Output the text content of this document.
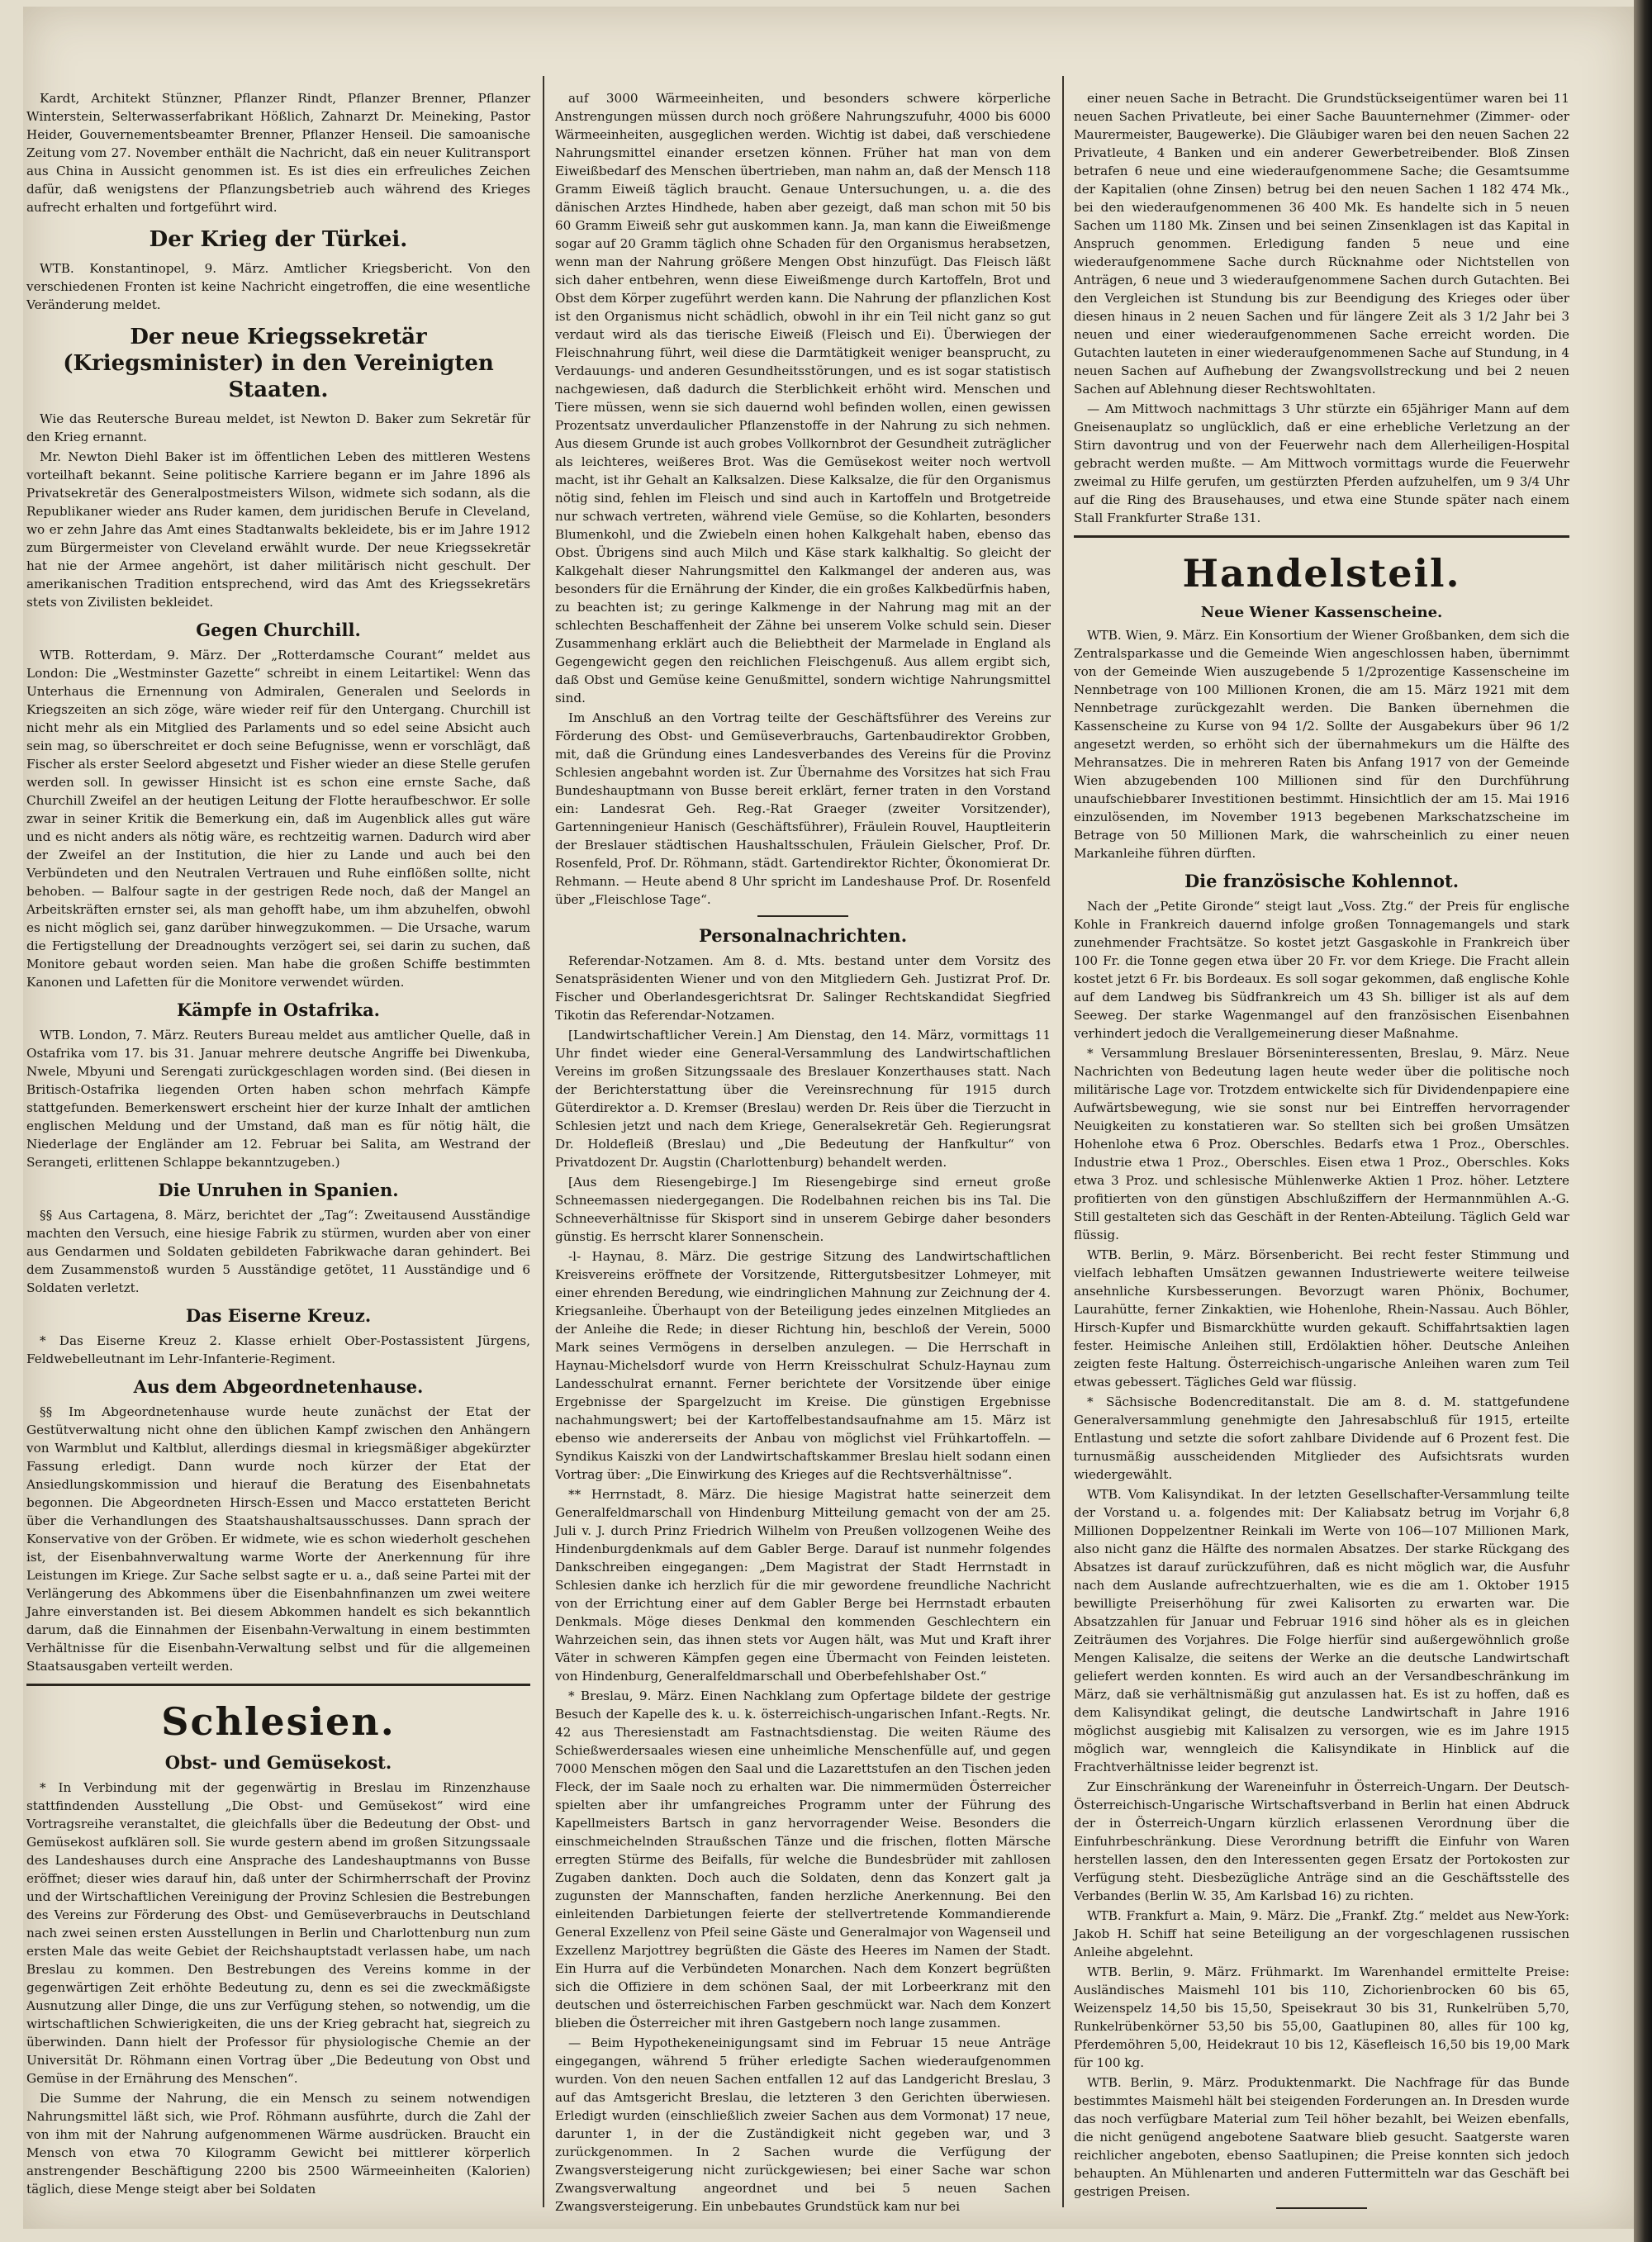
Kardt, Architekt Stünzner, Pflanzer Rindt, Pflanzer Brenner, Pflanzer Winterstein, Selterwasserfabrikant Hößlich, Zahnarzt Dr. Meineking, Pastor Heider, Gouvernementsbeamter Brenner, Pflanzer Henseil. Die samoanische Zeitung vom 27. November enthält die Nachricht, daß ein neuer Kulitransport aus China in Aussicht genommen ist. Es ist dies ein erfreuliches Zeichen dafür, daß wenigstens der Pflanzungsbetrieb auch während des Krieges aufrecht erhalten und fortgeführt wird.

Der Krieg der Türkei.

WTB. Konstantinopel, 9. März. Amtlicher Kriegsbericht. Von den verschiedenen Fronten ist keine Nachricht eingetroffen, die eine wesentliche Veränderung meldet.

Der neue Kriegssekretär (Kriegsminister) in den Vereinigten Staaten.

Wie das Reutersche Bureau meldet, ist Newton D. Baker zum Sekretär für den Krieg ernannt.

Mr. Newton Diehl Baker ist im öffentlichen Leben des mittleren Westens vorteilhaft bekannt. Seine politische Karriere begann er im Jahre 1896 als Privatsekretär des Generalpostmeisters Wilson, widmete sich sodann, als die Republikaner wieder ans Ruder kamen, dem juridischen Berufe in Cleveland, wo er zehn Jahre das Amt eines Stadtanwalts bekleidete, bis er im Jahre 1912 zum Bürgermeister von Cleveland erwählt wurde. Der neue Kriegssekretär hat nie der Armee angehört, ist daher militärisch nicht geschult. Der amerikanischen Tradition entsprechend, wird das Amt des Kriegssekretärs stets von Zivilisten bekleidet.

Gegen Churchill.

WTB. Rotterdam, 9. März. Der „Rotterdamsche Courant“ meldet aus London: Die „Westminster Gazette“ schreibt in einem Leitartikel: Wenn das Unterhaus die Ernennung von Admiralen, Generalen und Seelords in Kriegszeiten an sich zöge, wäre wieder reif für den Untergang. Churchill ist nicht mehr als ein Mitglied des Parlaments und so edel seine Absicht auch sein mag, so überschreitet er doch seine Befugnisse, wenn er vorschlägt, daß Fischer als erster Seelord abgesetzt und Fisher wieder an diese Stelle gerufen werden soll. In gewisser Hinsicht ist es schon eine ernste Sache, daß Churchill Zweifel an der heutigen Leitung der Flotte heraufbeschwor. Er solle zwar in seiner Kritik die Bemerkung ein, daß im Augenblick alles gut wäre und es nicht anders als nötig wäre, es rechtzeitig warnen. Dadurch wird aber der Zweifel an der Institution, die hier zu Lande und auch bei den Verbündeten und den Neutralen Vertrauen und Ruhe einflößen sollte, nicht behoben. — Balfour sagte in der gestrigen Rede noch, daß der Mangel an Arbeitskräften ernster sei, als man gehofft habe, um ihm abzuhelfen, obwohl es nicht möglich sei, ganz darüber hinwegzukommen. — Die Ursache, warum die Fertigstellung der Dreadnoughts verzögert sei, sei darin zu suchen, daß Monitore gebaut worden seien. Man habe die großen Schiffe bestimmten Kanonen und Lafetten für die Monitore verwendet würden.

Kämpfe in Ostafrika.

WTB. London, 7. März. Reuters Bureau meldet aus amtlicher Quelle, daß in Ostafrika vom 17. bis 31. Januar mehrere deutsche Angriffe bei Diwenkuba, Nwele, Mbyuni und Serengati zurückgeschlagen worden sind. (Bei diesen in Britisch-Ostafrika liegenden Orten haben schon mehrfach Kämpfe stattgefunden. Bemerkenswert erscheint hier der kurze Inhalt der amtlichen englischen Meldung und der Umstand, daß man es für nötig hält, die Niederlage der Engländer am 12. Februar bei Salita, am Westrand der Serangeti, erlittenen Schlappe bekanntzugeben.)

Die Unruhen in Spanien.

§§ Aus Cartagena, 8. März, berichtet der „Tag“: Zweitausend Ausständige machten den Versuch, eine hiesige Fabrik zu stürmen, wurden aber von einer aus Gendarmen und Soldaten gebildeten Fabrikwache daran gehindert. Bei dem Zusammenstoß wurden 5 Ausständige getötet, 11 Ausständige und 6 Soldaten verletzt.

Das Eiserne Kreuz.

* Das Eiserne Kreuz 2. Klasse erhielt Ober-Postassistent Jürgens, Feldwebelleutnant im Lehr-Infanterie-Regiment.

Aus dem Abgeordnetenhause.

§§ Im Abgeordnetenhause wurde heute zunächst der Etat der Gestütverwaltung nicht ohne den üblichen Kampf zwischen den Anhängern von Warmblut und Kaltblut, allerdings diesmal in kriegsmäßiger abgekürzter Fassung erledigt. Dann wurde noch kürzer der Etat der Ansiedlungskommission und hierauf die Beratung des Eisenbahnetats begonnen. Die Abgeordneten Hirsch-Essen und Macco erstatteten Bericht über die Verhandlungen des Staatshaushaltsausschusses. Dann sprach der Konservative von der Gröben. Er widmete, wie es schon wiederholt geschehen ist, der Eisenbahnverwaltung warme Worte der Anerkennung für ihre Leistungen im Kriege. Zur Sache selbst sagte er u. a., daß seine Partei mit der Verlängerung des Abkommens über die Eisenbahnfinanzen um zwei weitere Jahre einverstanden ist. Bei diesem Abkommen handelt es sich bekanntlich darum, daß die Einnahmen der Eisenbahn-Verwaltung in einem bestimmten Verhältnisse für die Eisenbahn-Verwaltung selbst und für die allgemeinen Staatsausgaben verteilt werden.

Schlesien.
Obst- und Gemüsekost.

* In Verbindung mit der gegenwärtig in Breslau im Rinzenzhause stattfindenden Ausstellung „Die Obst- und Gemüsekost“ wird eine Vortragsreihe veranstaltet, die gleichfalls über die Bedeutung der Obst- und Gemüsekost aufklären soll. Sie wurde gestern abend im großen Sitzungssaale des Landeshauses durch eine Ansprache des Landeshauptmanns von Busse eröffnet; dieser wies darauf hin, daß unter der Schirmherrschaft der Provinz und der Wirtschaftlichen Vereinigung der Provinz Schlesien die Bestrebungen des Vereins zur Förderung des Obst- und Gemüseverbrauchs in Deutschland nach zwei seinen ersten Ausstellungen in Berlin und Charlottenburg nun zum ersten Male das weite Gebiet der Reichshauptstadt verlassen habe, um nach Breslau zu kommen. Den Bestrebungen des Vereins komme in der gegenwärtigen Zeit erhöhte Bedeutung zu, denn es sei die zweckmäßigste Ausnutzung aller Dinge, die uns zur Verfügung stehen, so notwendig, um die wirtschaftlichen Schwierigkeiten, die uns der Krieg gebracht hat, siegreich zu überwinden. Dann hielt der Professor für physiologische Chemie an der Universität Dr. Röhmann einen Vortrag über „Die Bedeutung von Obst und Gemüse in der Ernährung des Menschen“.

Die Summe der Nahrung, die ein Mensch zu seinem notwendigen Nahrungsmittel läßt sich, wie Prof. Röhmann ausführte, durch die Zahl der von ihm mit der Nahrung aufgenommenen Wärme ausdrücken. Braucht ein Mensch von etwa 70 Kilogramm Gewicht bei mittlerer körperlich anstrengender Beschäftigung 2200 bis 2500 Wärmeeinheiten (Kalorien) täglich, diese Menge steigt aber bei Soldaten

auf 3000 Wärmeeinheiten, und besonders schwere körperliche Anstrengungen müssen durch noch größere Nahrungszufuhr, 4000 bis 6000 Wärmeeinheiten, ausgeglichen werden. Wichtig ist dabei, daß verschiedene Nahrungsmittel einander ersetzen können. Früher hat man von dem Eiweißbedarf des Menschen übertrieben, man nahm an, daß der Mensch 118 Gramm Eiweiß täglich braucht. Genaue Untersuchungen, u. a. die des dänischen Arztes Hindhede, haben aber gezeigt, daß man schon mit 50 bis 60 Gramm Eiweiß sehr gut auskommen kann. Ja, man kann die Eiweißmenge sogar auf 20 Gramm täglich ohne Schaden für den Organismus herabsetzen, wenn man der Nahrung größere Mengen Obst hinzufügt. Das Fleisch läßt sich daher entbehren, wenn diese Eiweißmenge durch Kartoffeln, Brot und Obst dem Körper zugeführt werden kann. Die Nahrung der pflanzlichen Kost ist den Organismus nicht schädlich, obwohl in ihr ein Teil nicht ganz so gut verdaut wird als das tierische Eiweiß (Fleisch und Ei). Überwiegen der Fleischnahrung führt, weil diese die Darmtätigkeit weniger beansprucht, zu Verdauungs- und anderen Gesundheitsstörungen, und es ist sogar statistisch nachgewiesen, daß dadurch die Sterblichkeit erhöht wird. Menschen und Tiere müssen, wenn sie sich dauernd wohl befinden wollen, einen gewissen Prozentsatz unverdaulicher Pflanzenstoffe in der Nahrung zu sich nehmen. Aus diesem Grunde ist auch grobes Vollkornbrot der Gesundheit zuträglicher als leichteres, weißeres Brot. Was die Gemüsekost weiter noch wertvoll macht, ist ihr Gehalt an Kalksalzen. Diese Kalksalze, die für den Organismus nötig sind, fehlen im Fleisch und sind auch in Kartoffeln und Brotgetreide nur schwach vertreten, während viele Gemüse, so die Kohlarten, besonders Blumenkohl, und die Zwiebeln einen hohen Kalkgehalt haben, ebenso das Obst. Übrigens sind auch Milch und Käse stark kalkhaltig. So gleicht der Kalkgehalt dieser Nahrungsmittel den Kalkmangel der anderen aus, was besonders für die Ernährung der Kinder, die ein großes Kalkbedürfnis haben, zu beachten ist; zu geringe Kalkmenge in der Nahrung mag mit an der schlechten Beschaffenheit der Zähne bei unserem Volke schuld sein. Dieser Zusammenhang erklärt auch die Beliebtheit der Marmelade in England als Gegengewicht gegen den reichlichen Fleischgenuß. Aus allem ergibt sich, daß Obst und Gemüse keine Genußmittel, sondern wichtige Nahrungsmittel sind.

Im Anschluß an den Vortrag teilte der Geschäftsführer des Vereins zur Förderung des Obst- und Gemüseverbrauchs, Gartenbaudirektor Grobben, mit, daß die Gründung eines Landesverbandes des Vereins für die Provinz Schlesien angebahnt worden ist. Zur Übernahme des Vorsitzes hat sich Frau Bundeshauptmann von Busse bereit erklärt, ferner traten in den Vorstand ein: Landesrat Geh. Reg.-Rat Graeger (zweiter Vorsitzender), Gartenningenieur Hanisch (Geschäftsführer), Fräulein Rouvel, Hauptleiterin der Breslauer städtischen Haushaltsschulen, Fräulein Gielscher, Prof. Dr. Rosenfeld, Prof. Dr. Röhmann, städt. Gartendirektor Richter, Ökonomierat Dr. Rehmann. — Heute abend 8 Uhr spricht im Landeshause Prof. Dr. Rosenfeld über „Fleischlose Tage“.

Personalnachrichten.

Referendar-Notzamen. Am 8. d. Mts. bestand unter dem Vorsitz des Senatspräsidenten Wiener und von den Mitgliedern Geh. Justizrat Prof. Dr. Fischer und Oberlandesgerichtsrat Dr. Salinger Rechtskandidat Siegfried Tikotin das Referendar-Notzamen.

[Landwirtschaftlicher Verein.] Am Dienstag, den 14. März, vormittags 11 Uhr findet wieder eine General-Versammlung des Landwirtschaftlichen Vereins im großen Sitzungssaale des Breslauer Konzerthauses statt. Nach der Berichterstattung über die Vereinsrechnung für 1915 durch Güterdirektor a. D. Kremser (Breslau) werden Dr. Reis über die Tierzucht in Schlesien jetzt und nach dem Kriege, Generalsekretär Geh. Regierungsrat Dr. Holdefleiß (Breslau) und „Die Bedeutung der Hanfkultur“ von Privatdozent Dr. Augstin (Charlottenburg) behandelt werden.

[Aus dem Riesengebirge.] Im Riesengebirge sind erneut große Schneemassen niedergegangen. Die Rodelbahnen reichen bis ins Tal. Die Schneeverhältnisse für Skisport sind in unserem Gebirge daher besonders günstig. Es herrscht klarer Sonnenschein.

-l- Haynau, 8. März. Die gestrige Sitzung des Landwirtschaftlichen Kreisvereins eröffnete der Vorsitzende, Rittergutsbesitzer Lohmeyer, mit einer ehrenden Beredung, wie eindringlichen Mahnung zur Zeichnung der 4. Kriegsanleihe. Überhaupt von der Beteiligung jedes einzelnen Mitgliedes an der Anleihe die Rede; in dieser Richtung hin, beschloß der Verein, 5000 Mark seines Vermögens in derselben anzulegen. — Die Herrschaft in Haynau-Michelsdorf wurde von Herrn Kreisschulrat Schulz-Haynau zum Landesschulrat ernannt. Ferner berichtete der Vorsitzende über einige Ergebnisse der Spargelzucht im Kreise. Die günstigen Ergebnisse nachahmungswert; bei der Kartoffelbestandsaufnahme am 15. März ist ebenso wie andererseits der Anbau von möglichst viel Frühkartoffeln. — Syndikus Kaiszki von der Landwirtschaftskammer Breslau hielt sodann einen Vortrag über: „Die Einwirkung des Krieges auf die Rechtsverhältnisse“.

** Herrnstadt, 8. März. Die hiesige Magistrat hatte seinerzeit dem Generalfeldmarschall von Hindenburg Mitteilung gemacht von der am 25. Juli v. J. durch Prinz Friedrich Wilhelm von Preußen vollzogenen Weihe des Hindenburgdenkmals auf dem Gabler Berge. Darauf ist nunmehr folgendes Dankschreiben eingegangen: „Dem Magistrat der Stadt Herrnstadt in Schlesien danke ich herzlich für die mir gewordene freundliche Nachricht von der Errichtung einer auf dem Gabler Berge bei Herrnstadt erbauten Denkmals. Möge dieses Denkmal den kommenden Geschlechtern ein Wahrzeichen sein, das ihnen stets vor Augen hält, was Mut und Kraft ihrer Väter in schweren Kämpfen gegen eine Übermacht von Feinden leisteten. von Hindenburg, Generalfeldmarschall und Oberbefehlshaber Ost.“

* Breslau, 9. März. Einen Nachklang zum Opfertage bildete der gestrige Besuch der Kapelle des k. u. k. österreichisch-ungarischen Infant.-Regts. Nr. 42 aus Theresienstadt am Fastnachtsdienstag. Die weiten Räume des Schießwerdersaales wiesen eine unheimliche Menschenfülle auf, und gegen 7000 Menschen mögen den Saal und die Lazarettstufen an den Tischen jeden Fleck, der im Saale noch zu erhalten war. Die nimmermüden Österreicher spielten aber ihr umfangreiches Programm unter der Führung des Kapellmeisters Bartsch in ganz hervorragender Weise. Besonders die einschmeichelnden Straußschen Tänze und die frischen, flotten Märsche erregten Stürme des Beifalls, für welche die Bundesbrüder mit zahllosen Zugaben dankten. Doch auch die Soldaten, denn das Konzert galt ja zugunsten der Mannschaften, fanden herzliche Anerkennung. Bei den einleitenden Darbietungen feierte der stellvertretende Kommandierende General Exzellenz von Pfeil seine Gäste und Generalmajor von Wagenseil und Exzellenz Marjottrey begrüßten die Gäste des Heeres im Namen der Stadt. Ein Hurra auf die Verbündeten Monarchen. Nach dem Konzert begrüßten sich die Offiziere in dem schönen Saal, der mit Lorbeerkranz mit den deutschen und österreichischen Farben geschmückt war. Nach dem Konzert blieben die Österreicher mit ihren Gastgebern noch lange zusammen.

— Beim Hypothekeneinigungsamt sind im Februar 15 neue Anträge eingegangen, während 5 früher erledigte Sachen wiederaufgenommen wurden. Von den neuen Sachen entfallen 12 auf das Landgericht Breslau, 3 auf das Amtsgericht Breslau, die letzteren 3 den Gerichten überwiesen. Erledigt wurden (einschließlich zweier Sachen aus dem Vormonat) 17 neue, darunter 1, in der die Zuständigkeit nicht gegeben war, und 3 zurückgenommen. In 2 Sachen wurde die Verfügung der Zwangsversteigerung nicht zurückgewiesen; bei einer Sache war schon Zwangsverwaltung angeordnet und bei 5 neuen Sachen Zwangsversteigerung. Ein unbebautes Grundstück kam nur bei

einer neuen Sache in Betracht. Die Grundstückseigentümer waren bei 11 neuen Sachen Privatleute, bei einer Sache Bauunternehmer (Zimmer- oder Maurermeister, Baugewerke). Die Gläubiger waren bei den neuen Sachen 22 Privatleute, 4 Banken und ein anderer Gewerbetreibender. Bloß Zinsen betrafen 6 neue und eine wiederaufgenommene Sache; die Gesamtsumme der Kapitalien (ohne Zinsen) betrug bei den neuen Sachen 1 182 474 Mk., bei den wiederaufgenommenen 36 400 Mk. Es handelte sich in 5 neuen Sachen um 1180 Mk. Zinsen und bei seinen Zinsenklagen ist das Kapital in Anspruch genommen. Erledigung fanden 5 neue und eine wiederaufgenommene Sache durch Rücknahme oder Nichtstellen von Anträgen, 6 neue und 3 wiederaufgenommene Sachen durch Gutachten. Bei den Vergleichen ist Stundung bis zur Beendigung des Krieges oder über diesen hinaus in 2 neuen Sachen und für längere Zeit als 3 1/2 Jahr bei 3 neuen und einer wiederaufgenommenen Sache erreicht worden. Die Gutachten lauteten in einer wiederaufgenommenen Sache auf Stundung, in 4 neuen Sachen auf Aufhebung der Zwangsvollstreckung und bei 2 neuen Sachen auf Ablehnung dieser Rechtswohltaten.

— Am Mittwoch nachmittags 3 Uhr stürzte ein 65jähriger Mann auf dem Gneisenauplatz so unglücklich, daß er eine erhebliche Verletzung an der Stirn davontrug und von der Feuerwehr nach dem Allerheiligen-Hospital gebracht werden mußte. — Am Mittwoch vormittags wurde die Feuerwehr zweimal zu Hilfe gerufen, um gestürzten Pferden aufzuhelfen, um 9 3/4 Uhr auf die Ring des Brausehauses, und etwa eine Stunde später nach einem Stall Frankfurter Straße 131.

Handelsteil.
Neue Wiener Kassenscheine.

WTB. Wien, 9. März. Ein Konsortium der Wiener Großbanken, dem sich die Zentralsparkasse und die Gemeinde Wien angeschlossen haben, übernimmt von der Gemeinde Wien auszugebende 5 1/2prozentige Kassenscheine im Nennbetrage von 100 Millionen Kronen, die am 15. März 1921 mit dem Nennbetrage zurückgezahlt werden. Die Banken übernehmen die Kassenscheine zu Kurse von 94 1/2. Sollte der Ausgabekurs über 96 1/2 angesetzt werden, so erhöht sich der übernahmekurs um die Hälfte des Mehransatzes. Die in mehreren Raten bis Anfang 1917 von der Gemeinde Wien abzugebenden 100 Millionen sind für den Durchführung unaufschiebbarer Investitionen bestimmt. Hinsichtlich der am 15. Mai 1916 einzulösenden, im November 1913 begebenen Markschatzscheine im Betrage von 50 Millionen Mark, die wahrscheinlich zu einer neuen Markanleihe führen dürften.

Die französische Kohlennot.

Nach der „Petite Gironde“ steigt laut „Voss. Ztg.“ der Preis für englische Kohle in Frankreich dauernd infolge großen Tonnagemangels und stark zunehmender Frachtsätze. So kostet jetzt Gasgaskohle in Frankreich über 100 Fr. die Tonne gegen etwa über 20 Fr. vor dem Kriege. Die Fracht allein kostet jetzt 6 Fr. bis Bordeaux. Es soll sogar gekommen, daß englische Kohle auf dem Landweg bis Südfrankreich um 43 Sh. billiger ist als auf dem Seeweg. Der starke Wagenmangel auf den französischen Eisenbahnen verhindert jedoch die Verallgemeinerung dieser Maßnahme.

* Versammlung Breslauer Börseninteressenten, Breslau, 9. März. Neue Nachrichten von Bedeutung lagen heute weder über die politische noch militärische Lage vor. Trotzdem entwickelte sich für Dividendenpapiere eine Aufwärtsbewegung, wie sie sonst nur bei Eintreffen hervorragender Neuigkeiten zu konstatieren war. So stellten sich bei großen Umsätzen Hohenlohe etwa 6 Proz. Oberschles. Bedarfs etwa 1 Proz., Oberschles. Industrie etwa 1 Proz., Oberschles. Eisen etwa 1 Proz., Oberschles. Koks etwa 3 Proz. und schlesische Mühlenwerke Aktien 1 Proz. höher. Letztere profitierten von den günstigen Abschlußziffern der Hermannmühlen A.-G. Still gestalteten sich das Geschäft in der Renten-Abteilung. Täglich Geld war flüssig.

WTB. Berlin, 9. März. Börsenbericht. Bei recht fester Stimmung und vielfach lebhaften Umsätzen gewannen Industriewerte weitere teilweise ansehnliche Kursbesserungen. Bevorzugt waren Phönix, Bochumer, Laurahütte, ferner Zinkaktien, wie Hohenlohe, Rhein-Nassau. Auch Böhler, Hirsch-Kupfer und Bismarckhütte wurden gekauft. Schiffahrtsaktien lagen fester. Heimische Anleihen still, Erdölaktien höher. Deutsche Anleihen zeigten feste Haltung. Österreichisch-ungarische Anleihen waren zum Teil etwas gebessert. Tägliches Geld war flüssig.

* Sächsische Bodencreditanstalt. Die am 8. d. M. stattgefundene Generalversammlung genehmigte den Jahresabschluß für 1915, erteilte Entlastung und setzte die sofort zahlbare Dividende auf 6 Prozent fest. Die turnusmäßig ausscheidenden Mitglieder des Aufsichtsrats wurden wiedergewählt.

WTB. Vom Kalisyndikat. In der letzten Gesellschafter-Versammlung teilte der Vorstand u. a. folgendes mit: Der Kaliabsatz betrug im Vorjahr 6,8 Millionen Doppelzentner Reinkali im Werte von 106—107 Millionen Mark, also nicht ganz die Hälfte des normalen Absatzes. Der starke Rückgang des Absatzes ist darauf zurückzuführen, daß es nicht möglich war, die Ausfuhr nach dem Auslande aufrechtzuerhalten, wie es die am 1. Oktober 1915 bewilligte Preiserhöhung für zwei Kalisorten zu erwarten war. Die Absatzzahlen für Januar und Februar 1916 sind höher als es in gleichen Zeiträumen des Vorjahres. Die Folge hierfür sind außergewöhnlich große Mengen Kalisalze, die seitens der Werke an die deutsche Landwirtschaft geliefert werden konnten. Es wird auch an der Versandbeschränkung im März, daß sie verhältnismäßig gut anzulassen hat. Es ist zu hoffen, daß es dem Kalisyndikat gelingt, die deutsche Landwirtschaft in Jahre 1916 möglichst ausgiebig mit Kalisalzen zu versorgen, wie es im Jahre 1915 möglich war, wenngleich die Kalisyndikate in Hinblick auf die Frachtverhältnisse leider begrenzt ist.

Zur Einschränkung der Wareneinfuhr in Österreich-Ungarn. Der Deutsch-Österreichisch-Ungarische Wirtschaftsverband in Berlin hat einen Abdruck der in Österreich-Ungarn kürzlich erlassenen Verordnung über die Einfuhrbeschränkung. Diese Verordnung betrifft die Einfuhr von Waren herstellen lassen, den den Interessenten gegen Ersatz der Portokosten zur Verfügung steht. Diesbezügliche Anträge sind an die Geschäftsstelle des Verbandes (Berlin W. 35, Am Karlsbad 16) zu richten.

WTB. Frankfurt a. Main, 9. März. Die „Frankf. Ztg.“ meldet aus New-York: Jakob H. Schiff hat seine Beteiligung an der vorgeschlagenen russischen Anleihe abgelehnt.

WTB. Berlin, 9. März. Frühmarkt. Im Warenhandel ermittelte Preise: Ausländisches Maismehl 101 bis 110, Zichorienbrocken 60 bis 65, Weizenspelz 14,50 bis 15,50, Speisekraut 30 bis 31, Runkelrüben 5,70, Runkelrübenkörner 53,50 bis 55,00, Gaatlupinen 80, alles für 100 kg, Pferdemöhren 5,00, Heidekraut 10 bis 12, Käsefleisch 16,50 bis 19,00 Mark für 100 kg.

WTB. Berlin, 9. März. Produktenmarkt. Die Nachfrage für das Bunde bestimmtes Maismehl hält bei steigenden Forderungen an. In Dresden wurde das noch verfügbare Material zum Teil höher bezahlt, bei Weizen ebenfalls, die nicht genügend angebotene Saatware blieb gesucht. Saatgerste waren reichlicher angeboten, ebenso Saatlupinen; die Preise konnten sich jedoch behaupten. An Mühlenarten und anderen Futtermitteln war das Geschäft bei gestrigen Preisen.
